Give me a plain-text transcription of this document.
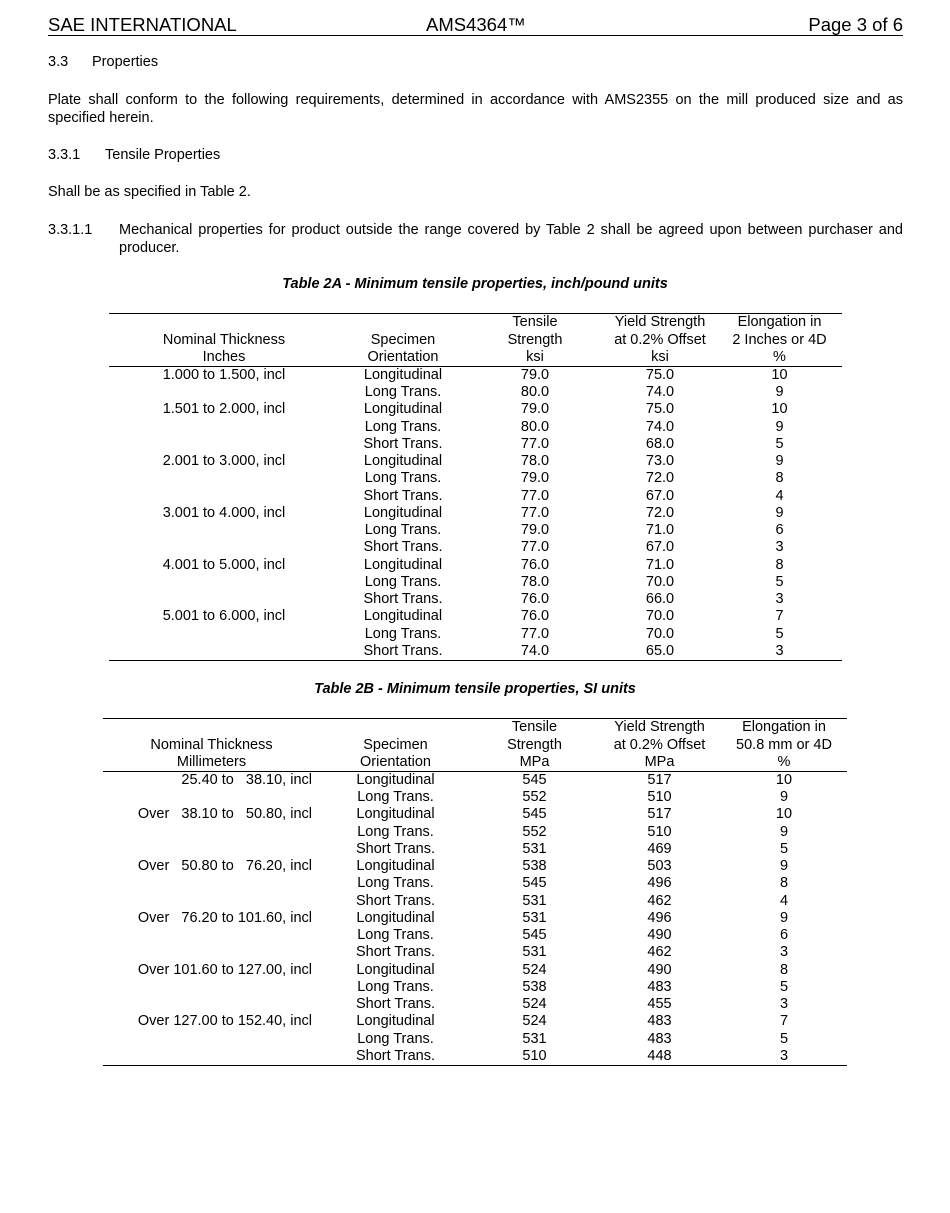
SAE INTERNATIONAL	AMS4364™	Page 3 of 6
3.3 Properties
Plate shall conform to the following requirements, determined in accordance with AMS2355 on the mill produced size and as specified herein.
3.3.1 Tensile Properties
Shall be as specified in Table 2.
3.3.1.1 Mechanical properties for product outside the range covered by Table 2 shall be agreed upon between purchaser and producer.
Table 2A - Minimum tensile properties, inch/pound units
		Tensile	Yield Strength	Elongation in
Nominal Thickness	Specimen	Strength	at 0.2% Offset	2 Inches or 4D
Inches	Orientation	ksi	ksi	%
1.000 to 1.500, incl	Longitudinal	79.0	75.0	10
	Long Trans.	80.0	74.0	9
1.501 to 2.000, incl	Longitudinal	79.0	75.0	10
	Long Trans.	80.0	74.0	9
	Short Trans.	77.0	68.0	5
2.001 to 3.000, incl	Longitudinal	78.0	73.0	9
	Long Trans.	79.0	72.0	8
	Short Trans.	77.0	67.0	4
3.001 to 4.000, incl	Longitudinal	77.0	72.0	9
	Long Trans.	79.0	71.0	6
	Short Trans.	77.0	67.0	3
4.001 to 5.000, incl	Longitudinal	76.0	71.0	8
	Long Trans.	78.0	70.0	5
	Short Trans.	76.0	66.0	3
5.001 to 6.000, incl	Longitudinal	76.0	70.0	7
	Long Trans.	77.0	70.0	5
	Short Trans.	74.0	65.0	3
Table 2B - Minimum tensile properties, SI units
		Tensile	Yield Strength	Elongation in
Nominal Thickness	Specimen	Strength	at 0.2% Offset	50.8 mm or 4D
Millimeters	Orientation	MPa	MPa	%
25.40 to   38.10, incl	Longitudinal	545	517	10
	Long Trans.	552	510	9
Over   38.10 to   50.80, incl	Longitudinal	545	517	10
	Long Trans.	552	510	9
	Short Trans.	531	469	5
Over   50.80 to   76.20, incl	Longitudinal	538	503	9
	Long Trans.	545	496	8
	Short Trans.	531	462	4
Over   76.20 to 101.60, incl	Longitudinal	531	496	9
	Long Trans.	545	490	6
	Short Trans.	531	462	3
Over 101.60 to 127.00, incl	Longitudinal	524	490	8
	Long Trans.	538	483	5
	Short Trans.	524	455	3
Over 127.00 to 152.40, incl	Longitudinal	524	483	7
	Long Trans.	531	483	5
	Short Trans.	510	448	3
